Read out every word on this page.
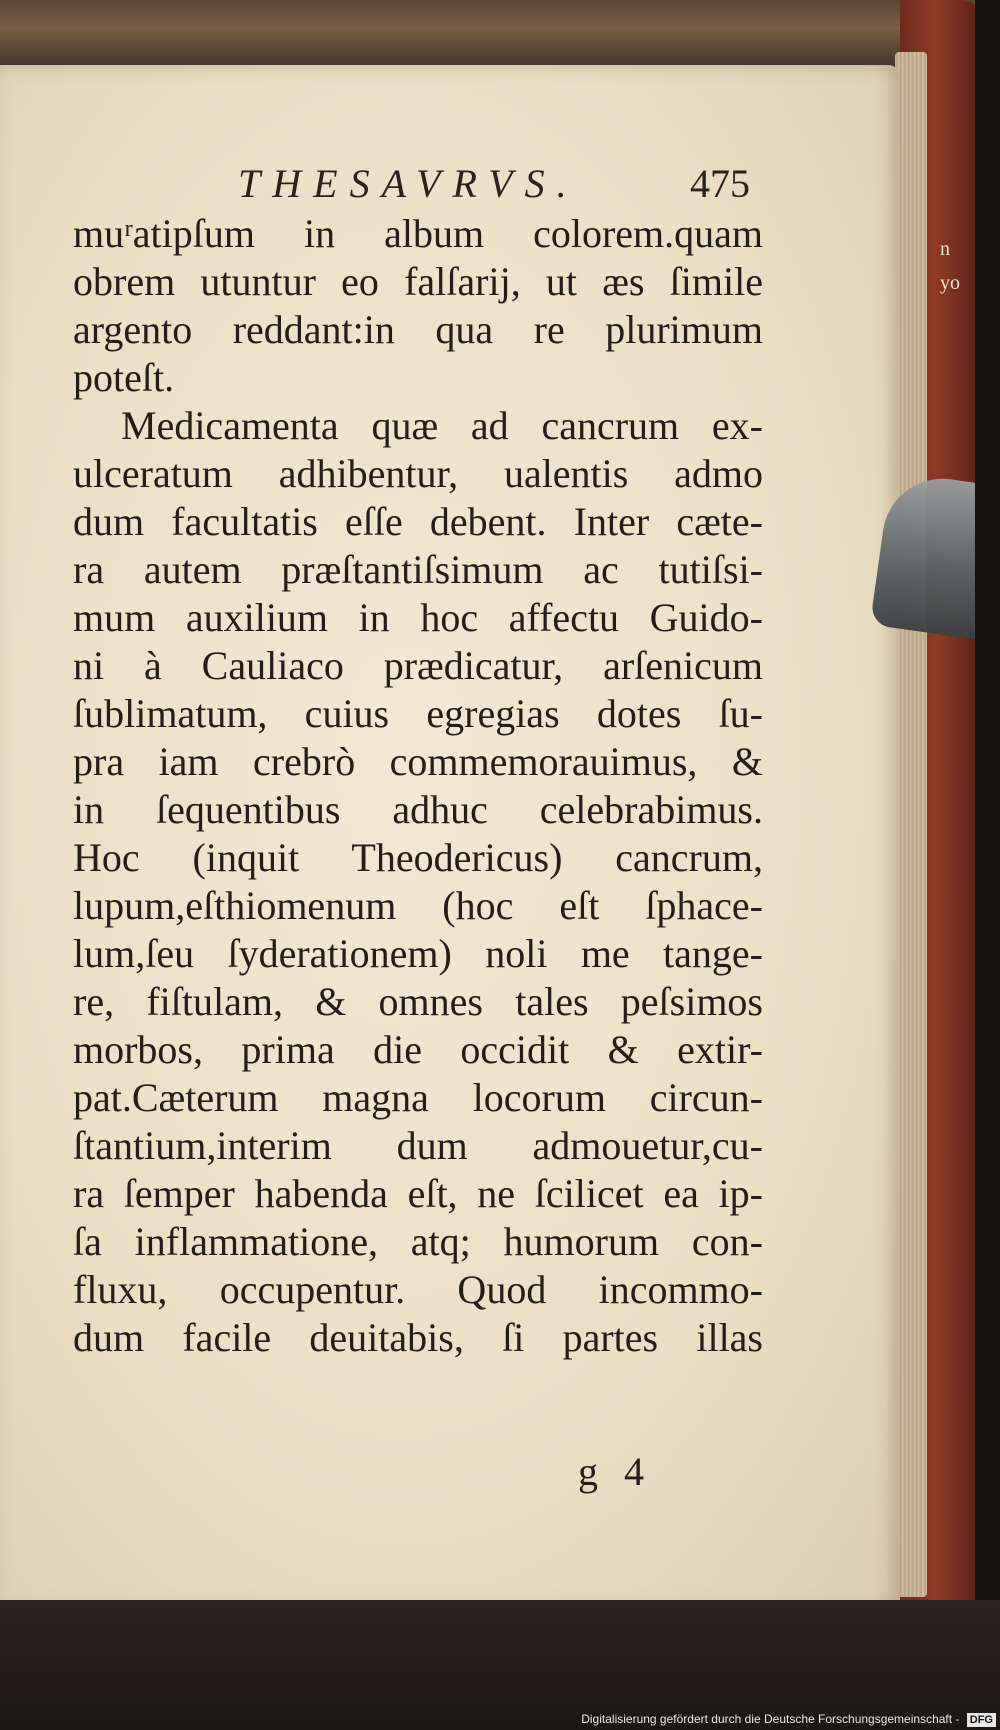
n
yo
THESAVRVS.	475
muʳatipſum in album colorem.quam
obrem utuntur eo falſarij, ut æs ſimile
argento reddant:in qua re plurimum
poteſt.
Medicamenta quæ ad cancrum ex-
ulceratum adhibentur, ualentis admo
dum facultatis eſſe debent. Inter cæte-
ra autem præſtantiſsimum ac tutiſsi-
mum auxilium in hoc affectu Guido-
ni à Cauliaco prædicatur, arſenicum
ſublimatum, cuius egregias dotes ſu-
pra iam crebrò commemorauimus, &
in ſequentibus adhuc celebrabimus.
Hoc (inquit Theodericus) cancrum,
lupum,eſthiomenum (hoc eſt ſphace-
lum,ſeu ſyderationem) noli me tange-
re, fiſtulam, & omnes tales peſsimos
morbos, prima die occidit & extir-
pat.Cæterum magna locorum circun-
ſtantium,interim dum admouetur,cu-
ra ſemper habenda eſt, ne ſcilicet ea ip-
ſa inflammatione, atq; humorum con-
fluxu, occupentur. Quod incommo-
dum facile deuitabis, ſi partes illas
g 4
Digitalisierung gefördert durch die Deutsche Forschungsgemeinschaft - DFG
